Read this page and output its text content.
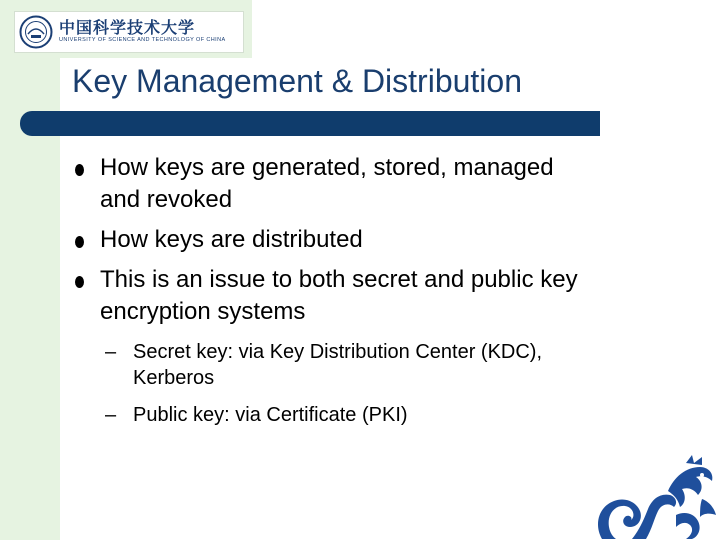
中国科学技术大学
UNIVERSITY OF SCIENCE AND TECHNOLOGY OF CHINA
Key Management & Distribution
How keys are generated, stored, managed
and revoked
How keys are distributed
This is an issue to both secret and public key
encryption systems
– Secret key: via Key Distribution Center (KDC),
Kerberos
– Public key: via Certificate (PKI)
